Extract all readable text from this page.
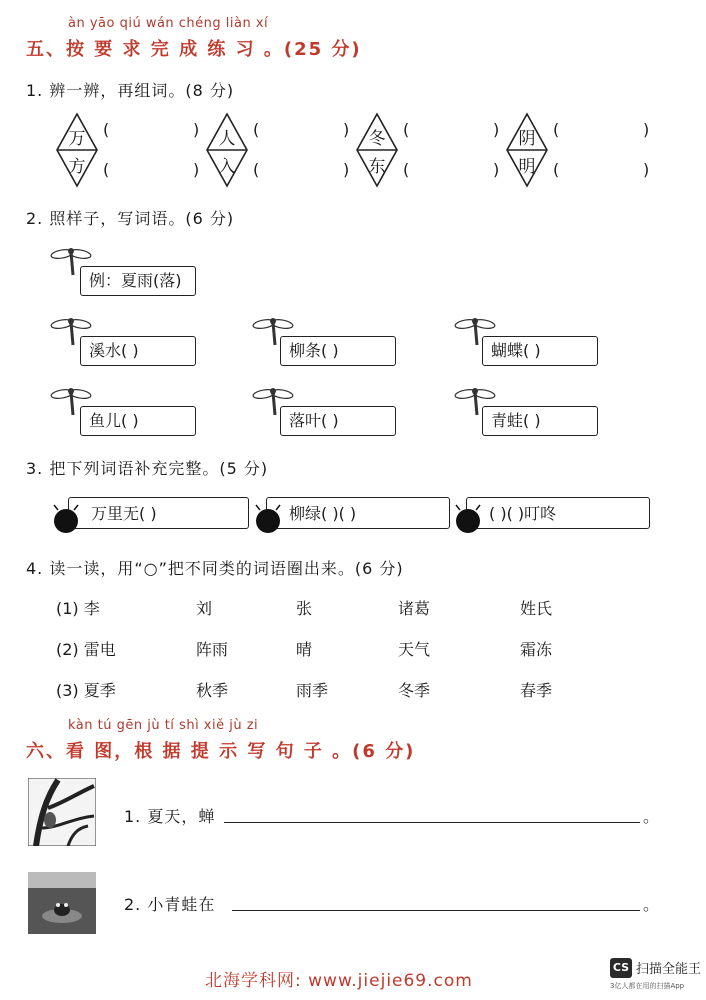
àn yāo qiú wán chéng liàn xí
五、按 要 求 完 成 练 习 。(25 分)
1. 辨一辨，再组词。(8 分)
万
方
(	)
(	)
人
入
(	)
(	)
冬
东
(	)
(	)
阴
明
(	)
(	)
2. 照样子，写词语。(6 分)
例：夏雨(落)
溪水( )	柳条( )	蝴蝶( )
鱼儿( )	落叶( )	青蛙( )
3. 把下列词语补充完整。(5 分)
万里无( )	柳绿( )( )	( )( )叮咚
4. 读一读，用“○”把不同类的词语圈出来。(6 分)
(1) 李	刘	张	诸葛	姓氏
(2) 雷电	阵雨	晴	天气	霜冻
(3) 夏季	秋季	雨季	冬季	春季
kàn tú gēn jù tí shì xiě jù zi
六、看 图，根 据 提 示 写 句 子 。(6 分)
1. 夏天，蝉	。
2. 小青蛙在	。
北海学科网: www.jiejie69.com
CS 扫描全能王
3亿人都在用的扫描App
